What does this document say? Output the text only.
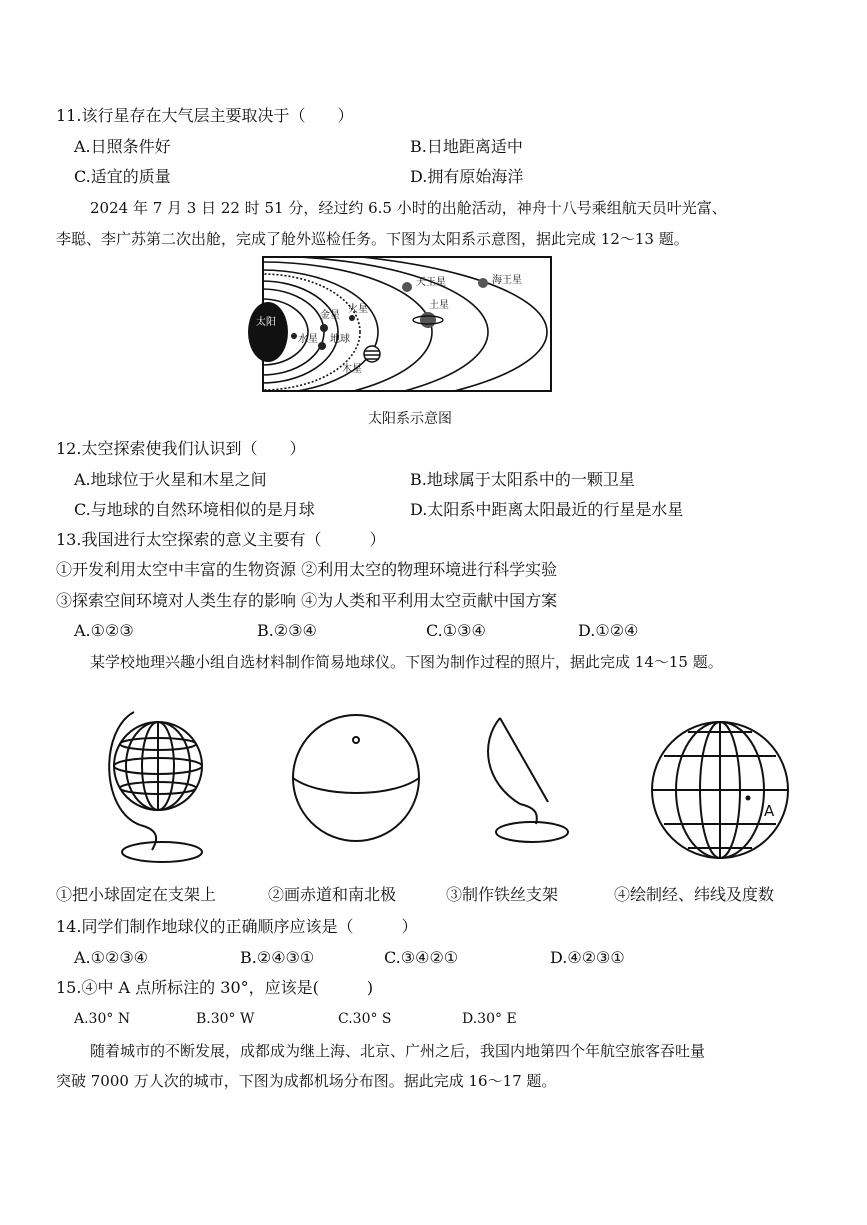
11.该行星存在大气层主要取决于（　　）
A.日照条件好	B.日地距离适中
C.适宜的质量	D.拥有原始海洋
2024 年 7 月 3 日 22 时 51 分，经过约 6.5 小时的出舱活动，神舟十八号乘组航天员叶光富、
李聪、李广苏第二次出舱，完成了舱外巡检任务。下图为太阳系示意图，据此完成 12～13 题。
太阳
水星
金星
地球
火星
木星
土星
天王星	海王星
太阳系示意图
12.太空探索使我们认识到（　　）
A.地球位于火星和木星之间	B.地球属于太阳系中的一颗卫星
C.与地球的自然环境相似的是月球	D.太阳系中距离太阳最近的行星是水星
13.我国进行太空探索的意义主要有（　　　）
①开发利用太空中丰富的生物资源 ②利用太空的物理环境进行科学实验
③探索空间环境对人类生存的影响 ④为人类和平利用太空贡献中国方案
A.①②③	B.②③④	C.①③④	D.①②④
某学校地理兴趣小组自选材料制作简易地球仪。下图为制作过程的照片，据此完成 14～15 题。
A
①把小球固定在支架上	②画赤道和南北极	③制作铁丝支架	④绘制经、纬线及度数
14.同学们制作地球仪的正确顺序应该是（　　　）
A.①②③④	B.②④③①	C.③④②①	D.④②③①
15.④中 A 点所标注的 30°，应该是(　　　)
A.30° N	B.30° W	C.30° S	D.30° E
随着城市的不断发展，成都成为继上海、北京、广州之后，我国内地第四个年航空旅客吞吐量
突破 7000 万人次的城市，下图为成都机场分布图。据此完成 16～17 题。
